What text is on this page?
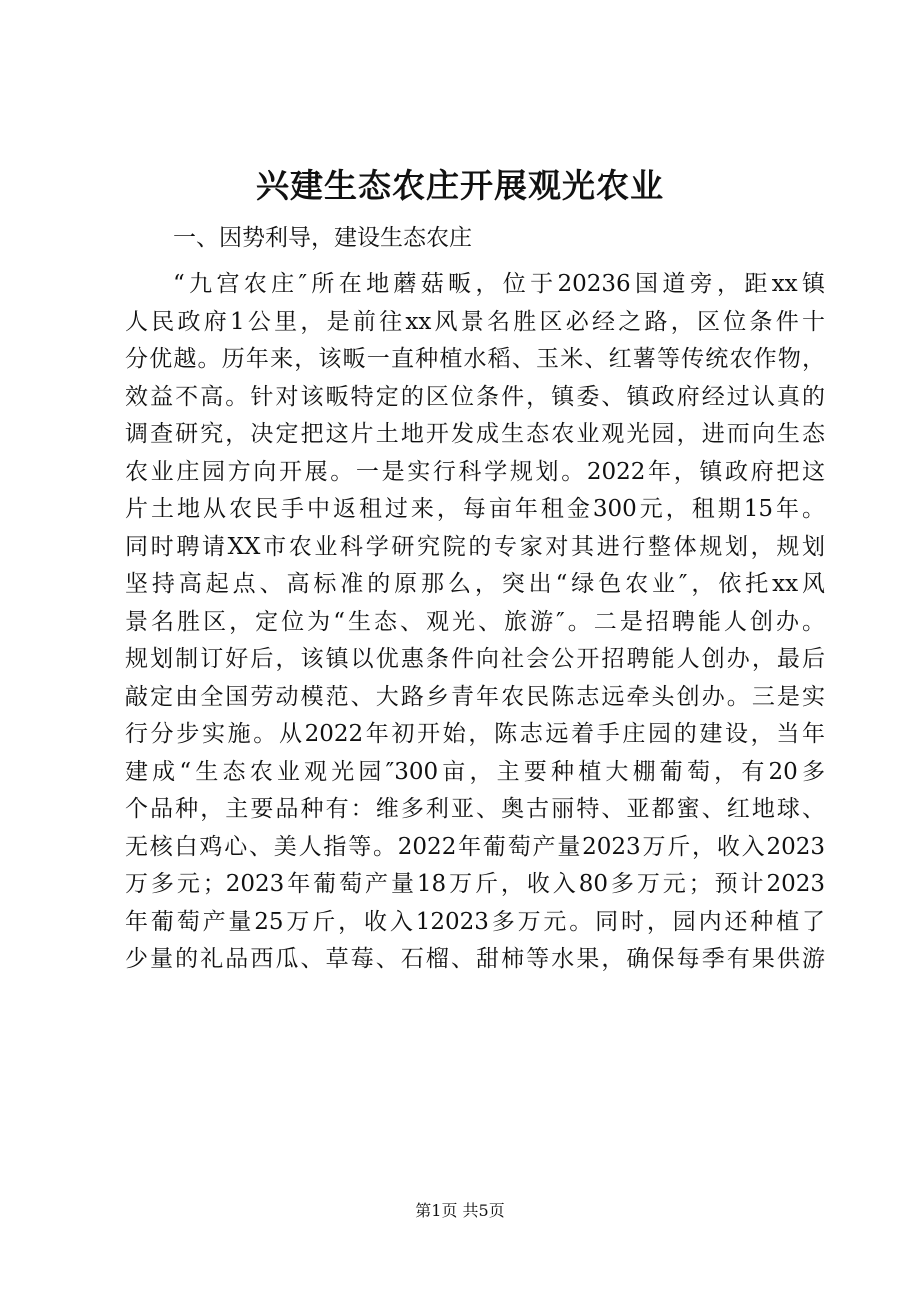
兴建生态农庄开展观光农业
一、因势利导，建设生态农庄
“九宫农庄″所在地蘑菇畈，位于20236国道旁，距xx镇
人民政府1公里，是前往xx风景名胜区必经之路，区位条件十
分优越。历年来，该畈一直种植水稻、玉米、红薯等传统农作物，
效益不高。针对该畈特定的区位条件，镇委、镇政府经过认真的
调查研究，决定把这片土地开发成生态农业观光园，进而向生态
农业庄园方向开展。一是实行科学规划。2022年，镇政府把这
片土地从农民手中返租过来，每亩年租金300元，租期15年。
同时聘请XX市农业科学研究院的专家对其进行整体规划，规划
坚持高起点、高标准的原那么，突出“绿色农业″，依托xx风
景名胜区，定位为“生态、观光、旅游″。二是招聘能人创办。
规划制订好后，该镇以优惠条件向社会公开招聘能人创办，最后
敲定由全国劳动模范、大路乡青年农民陈志远牵头创办。三是实
行分步实施。从2022年初开始，陈志远着手庄园的建设，当年
建成“生态农业观光园″300亩，主要种植大棚葡萄，有20多
个品种，主要品种有：维多利亚、奥古丽特、亚都蜜、红地球、
无核白鸡心、美人指等。2022年葡萄产量2023万斤，收入2023
万多元；2023年葡萄产量18万斤，收入80多万元；预计2023
年葡萄产量25万斤，收入12023多万元。同时，园内还种植了
少量的礼品西瓜、草莓、石榴、甜柿等水果，确保每季有果供游
第1页 共5页
